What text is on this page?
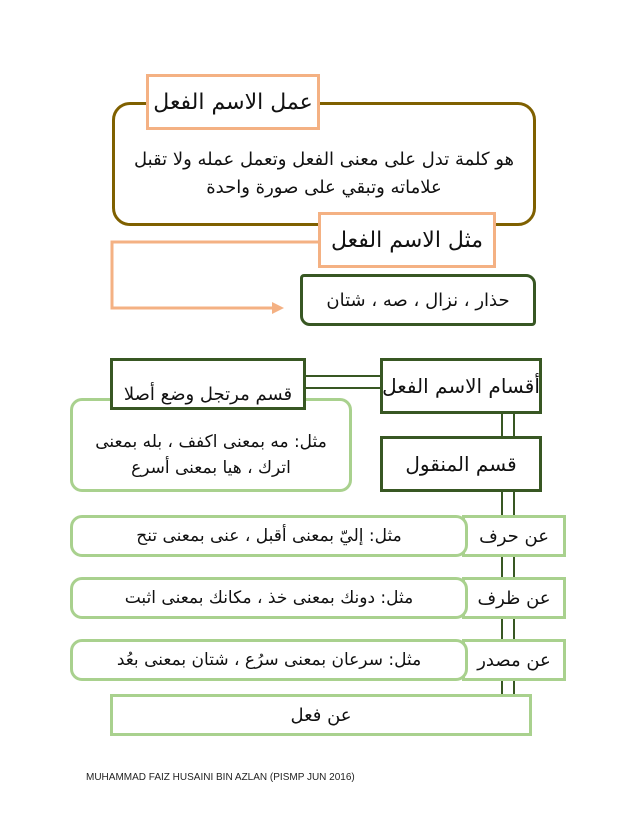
هو كلمة تدل على معنى الفعل وتعمل عمله ولا تقبل
علاماته وتبقي على صورة واحدة
عمل الاسم الفعل
مثل الاسم الفعل
حذار ، نزال ، صه ، شتان
أقسام الاسم الفعل
مثل: مه بمعنى اكفف ، بله بمعنى
اترك ، هيا بمعنى أسرع
قسم مرتجل وضع أصلا
قسم المنقول
عن حرف
مثل: إليّ بمعنى أقبل ، عنى بمعنى تنح
عن ظرف
مثل: دونك بمعنى خذ ، مكانك بمعنى اثبت
عن مصدر
مثل: سرعان بمعنى سرُع ، شتان بمعنى بعُد
عن فعل
MUHAMMAD FAIZ HUSAINI BIN AZLAN (PISMP JUN 2016)
